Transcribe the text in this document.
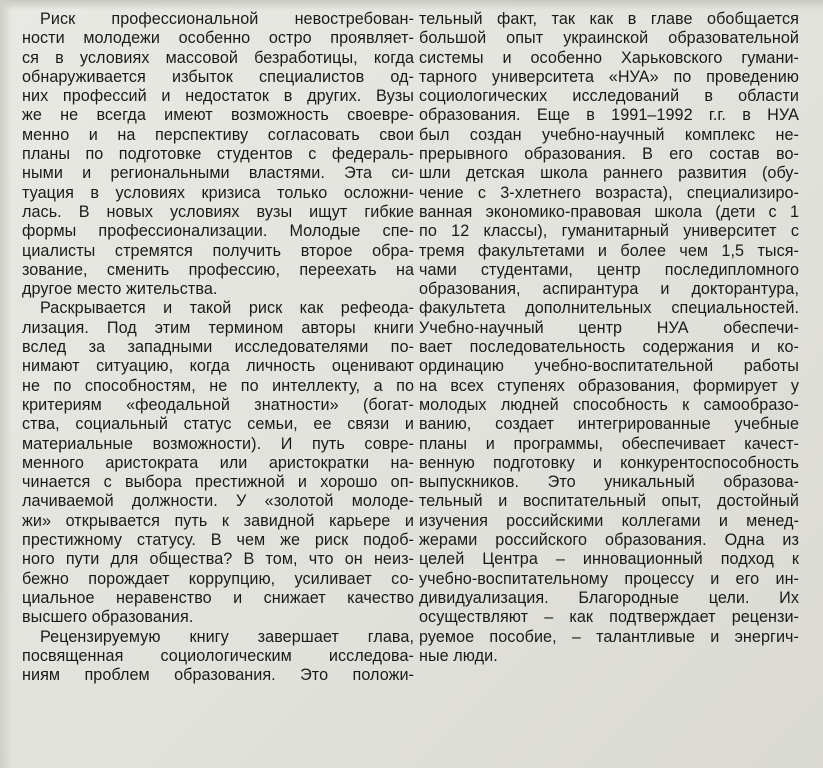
Риск профессиональной невостребован-
ности молодежи особенно остро проявляет-
ся в условиях массовой безработицы, когда
обнаруживается избыток специалистов од-
них профессий и недостаток в других. Вузы
же не всегда имеют возможность своевре-
менно и на перспективу согласовать свои
планы по подготовке студентов с федераль-
ными и региональными властями. Эта си-
туация в условиях кризиса только осложни-
лась. В новых условиях вузы ищут гибкие
формы профессионализации. Молодые спе-
циалисты стремятся получить второе обра-
зование, сменить профессию, переехать на
другое место жительства.
Раскрывается и такой риск как рефеода-
лизация. Под этим термином авторы книги
вслед за западными исследователями по-
нимают ситуацию, когда личность оценивают
не по способностям, не по интеллекту, а по
критериям «феодальной знатности» (богат-
ства, социальный статус семьи, ее связи и
материальные возможности). И путь совре-
менного аристократа или аристократки на-
чинается с выбора престижной и хорошо оп-
лачиваемой должности. У «золотой молоде-
жи» открывается путь к завидной карьере и
престижному статусу. В чем же риск подоб-
ного пути для общества? В том, что он неиз-
бежно порождает коррупцию, усиливает со-
циальное неравенство и снижает качество
высшего образования.
Рецензируемую книгу завершает глава,
посвященная социологическим исследова-
ниям проблем образования. Это положи-
тельный факт, так как в главе обобщается
большой опыт украинской образовательной
системы и особенно Харьковского гумани-
тарного университета «НУА» по проведению
социологических исследований в области
образования. Еще в 1991–1992 г.г. в НУА
был создан учебно-научный комплекс не-
прерывного образования. В его состав во-
шли детская школа раннего развития (обу-
чение с 3-хлетнего возраста), специализиро-
ванная экономико-правовая школа (дети с 1
по 12 классы), гуманитарный университет с
тремя факультетами и более чем 1,5 тыся-
чами студентами, центр последипломного
образования, аспирантура и докторантура,
факультета дополнительных специальностей.
Учебно-научный центр НУА обеспечи-
вает последовательность содержания и ко-
ординацию учебно-воспитательной работы
на всех ступенях образования, формирует у
молодых людней способность к самообразо-
ванию, создает интегрированные учебные
планы и программы, обеспечивает качест-
венную подготовку и конкурентоспособность
выпускников. Это уникальный образова-
тельный и воспитательный опыт, достойный
изучения российскими коллегами и менед-
жерами российского образования. Одна из
целей Центра – инновационный подход к
учебно-воспитательному процессу и его ин-
дивидуализация. Благородные цели. Их
осуществляют – как подтверждает рецензи-
руемое пособие, – талантливые и энергич-
ные люди.
